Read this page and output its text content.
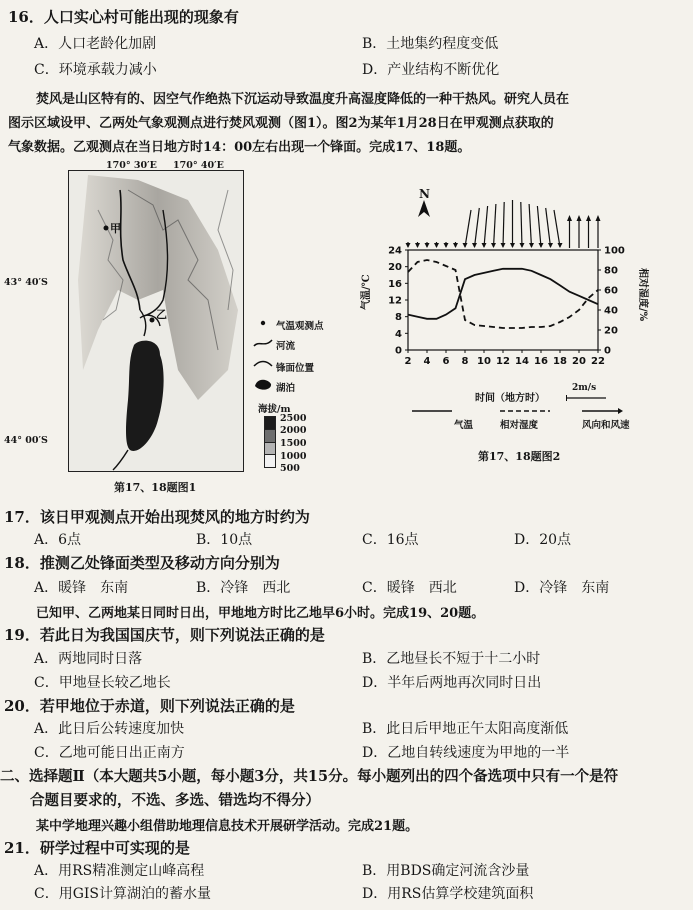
16．人口实心村可能出现的现象有
A．人口老龄化加剧	B．土地集约程度变低
C．环境承载力减小	D．产业结构不断优化
焚风是山区特有的、因空气作绝热下沉运动导致温度升高湿度降低的一种干热风。研究人员在
图示区域设甲、乙两处气象观测点进行焚风观测（图1）。图2为某年1月28日在甲观测点获取的
气象数据。乙观测点在当日地方时14：00左右出现一个锋面。完成17、18题。
170° 30′E 170° 40′E
43° 40′S
44° 00′S
甲
乙
气温观测点
河流
锋面位置
湖泊
海拔/m
2500
2000
1500
1000
500
第17、18题图1
N
0
4
8
12
16
20
24
0
20
40
60
80
100
2 4 6 8 10 12 14 16 18 20 22
气温/℃	相对湿度/%
时间（地方时）
2m/s
气温	相对湿度	风向和风速
第17、18题图2
17．该日甲观测点开始出现焚风的地方时约为
A．6点	B．10点	C．16点	D．20点
18．推测乙处锋面类型及移动方向分别为
A．暖锋　东南	B．冷锋　西北	C．暖锋　西北	D．冷锋　东南
已知甲、乙两地某日同时日出，甲地地方时比乙地早6小时。完成19、20题。
19．若此日为我国国庆节，则下列说法正确的是
A．两地同时日落	B．乙地昼长不短于十二小时
C．甲地昼长较乙地长	D．半年后两地再次同时日出
20．若甲地位于赤道，则下列说法正确的是
A．此日后公转速度加快	B．此日后甲地正午太阳高度渐低
C．乙地可能日出正南方	D．乙地自转线速度为甲地的一半
二、选择题Ⅱ（本大题共5小题，每小题3分，共15分。每小题列出的四个备选项中只有一个是符
合题目要求的，不选、多选、错选均不得分）
某中学地理兴趣小组借助地理信息技术开展研学活动。完成21题。
21．研学过程中可实现的是
A．用RS精准测定山峰高程	B．用BDS确定河流含沙量
C．用GIS计算湖泊的蓄水量	D．用RS估算学校建筑面积
